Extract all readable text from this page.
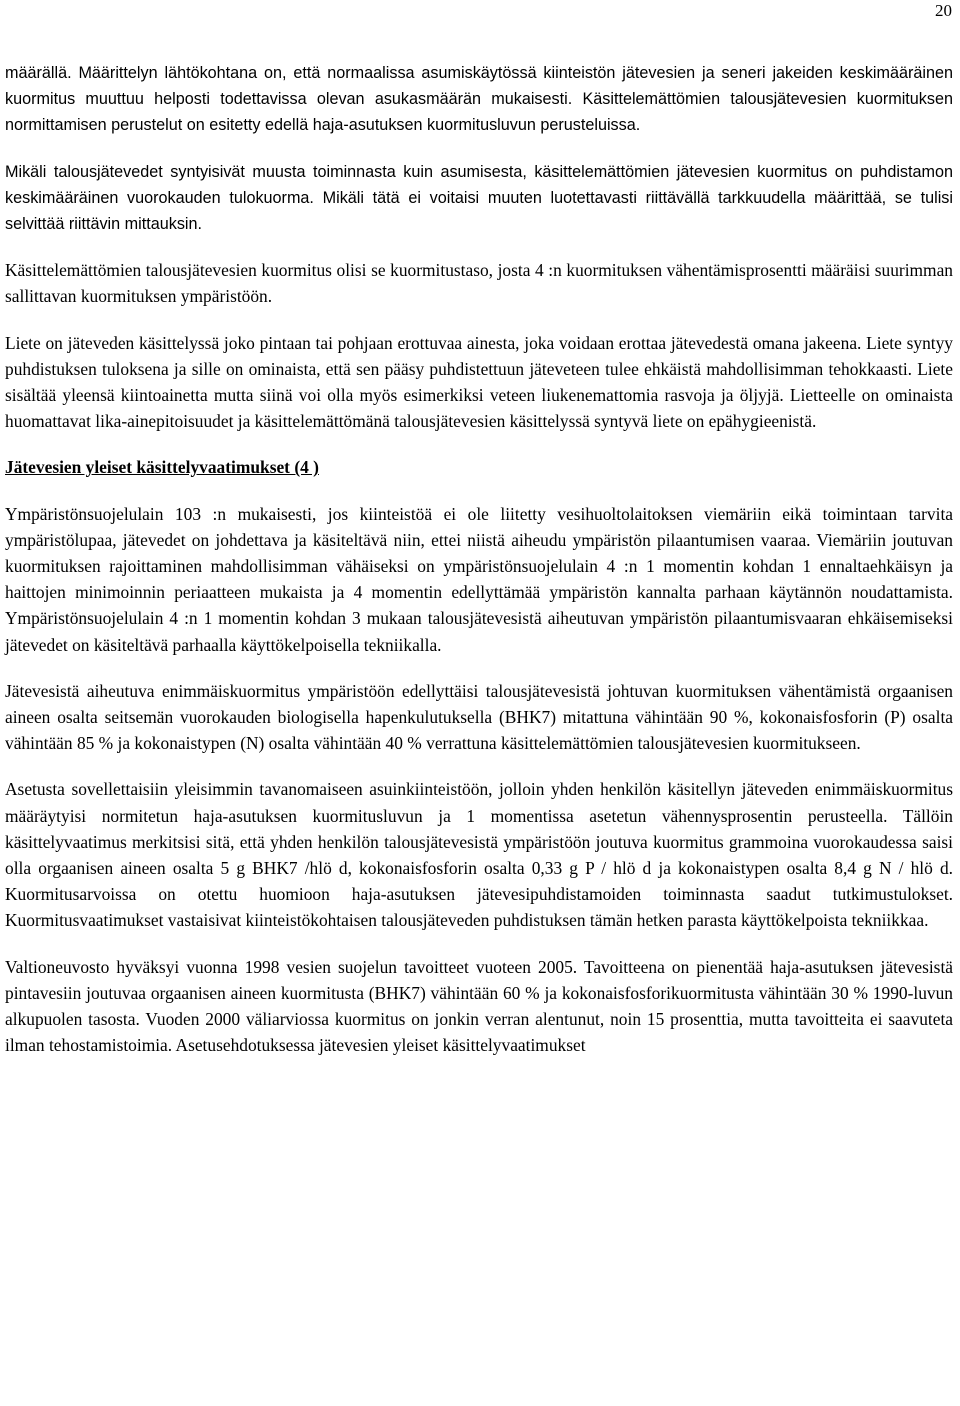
20

määrällä. Määrittelyn lähtökohtana on, että normaalissa asumiskäytössä kiinteistön jätevesien ja seneri jakeiden keskimääräinen kuormitus muuttuu helposti todettavissa olevan asukasmäärän mukaisesti. Käsittelemättömien talousjätevesien kuormituksen normittamisen perustelut on esitetty edellä haja-asutuksen kuormitusluvun perusteluissa.

Mikäli talousjätevedet syntyisivät muusta toiminnasta kuin asumisesta, käsittelemättömien jätevesien kuormitus on puhdistamon keskimääräinen vuorokauden tulokuorma. Mikäli tätä ei voitaisi muuten luotettavasti riittävällä tarkkuudella määrittää, se tulisi selvittää riittävin mittauksin.

Käsittelemättömien talousjätevesien kuormitus olisi se kuormitustaso, josta 4 :n kuormituksen vähentämisprosentti määräisi suurimman sallittavan kuormituksen ympäristöön.

Liete on jäteveden käsittelyssä joko pintaan tai pohjaan erottuvaa ainesta, joka voidaan erottaa jätevedestä omana jakeena. Liete syntyy puhdistuksen tuloksena ja sille on ominaista, että sen pääsy puhdistettuun jäteveteen tulee ehkäistä mahdollisimman tehokkaasti. Liete sisältää yleensä kiintoainetta mutta siinä voi olla myös esimerkiksi veteen liukenemattomia rasvoja ja öljyjä. Lietteelle on ominaista huomattavat lika-ainepitoisuudet ja käsittelemättömänä talousjätevesien käsittelyssä syntyvä liete on epähygieenistä.

Jätevesien yleiset käsittelyvaatimukset (4 )

Ympäristönsuojelulain 103 :n mukaisesti, jos kiinteistöä ei ole liitetty vesihuoltolaitoksen viemäriin eikä toimintaan tarvita ympäristölupaa, jätevedet on johdettava ja käsiteltävä niin, ettei niistä aiheudu ympäristön pilaantumisen vaaraa. Viemäriin joutuvan kuormituksen rajoittaminen mahdollisimman vähäiseksi on ympäristönsuojelulain 4 :n 1 momentin kohdan 1 ennaltaehkäisyn ja haittojen minimoinnin periaatteen mukaista ja 4 momentin edellyttämää ympäristön kannalta parhaan käytännön noudattamista. Ympäristönsuojelulain 4 :n 1 momentin kohdan 3 mukaan talousjätevesistä aiheutuvan ympäristön pilaantumisvaaran ehkäisemiseksi jätevedet on käsiteltävä parhaalla käyttökelpoisella tekniikalla.

Jätevesistä aiheutuva enimmäiskuormitus ympäristöön edellyttäisi talousjätevesistä johtuvan kuormituksen vähentämistä orgaanisen aineen osalta seitsemän vuorokauden biologisella hapenkulutuksella (BHK7) mitattuna vähintään 90 %, kokonaisfosforin (P) osalta vähintään 85 % ja kokonaistypen (N) osalta vähintään 40 % verrattuna käsittelemättömien talousjätevesien kuormitukseen.

Asetusta sovellettaisiin yleisimmin tavanomaiseen asuinkiinteistöön, jolloin yhden henkilön käsitellyn jäteveden enimmäiskuormitus määräytyisi normitetun haja-asutuksen kuormitusluvun ja 1 momentissa asetetun vähennysprosentin perusteella. Tällöin käsittelyvaatimus merkitsisi sitä, että yhden henkilön talousjätevesistä ympäristöön joutuva kuormitus grammoina vuorokaudessa saisi olla orgaanisen aineen osalta 5 g BHK7 /hlö d, kokonaisfosforin osalta 0,33 g P / hlö d ja kokonaistypen osalta 8,4 g N / hlö d. Kuormitusarvoissa on otettu huomioon haja-asutuksen jätevesipuhdistamoiden toiminnasta saadut tutkimustulokset. Kuormitusvaatimukset vastaisivat kiinteistökohtaisen talousjäteveden puhdistuksen tämän hetken parasta käyttökelpoista tekniikkaa.

Valtioneuvosto hyväksyi vuonna 1998 vesien suojelun tavoitteet vuoteen 2005. Tavoitteena on pienentää haja-asutuksen jätevesistä pintavesiin joutuvaa orgaanisen aineen kuormitusta (BHK7) vähintään 60 % ja kokonaisfosforikuormitusta vähintään 30 % 1990-luvun alkupuolen tasosta. Vuoden 2000 väliarviossa kuormitus on jonkin verran alentunut, noin 15 prosenttia, mutta tavoitteita ei saavuteta ilman tehostamistoimia. Asetusehdotuksessa jätevesien yleiset käsittelyvaatimukset
